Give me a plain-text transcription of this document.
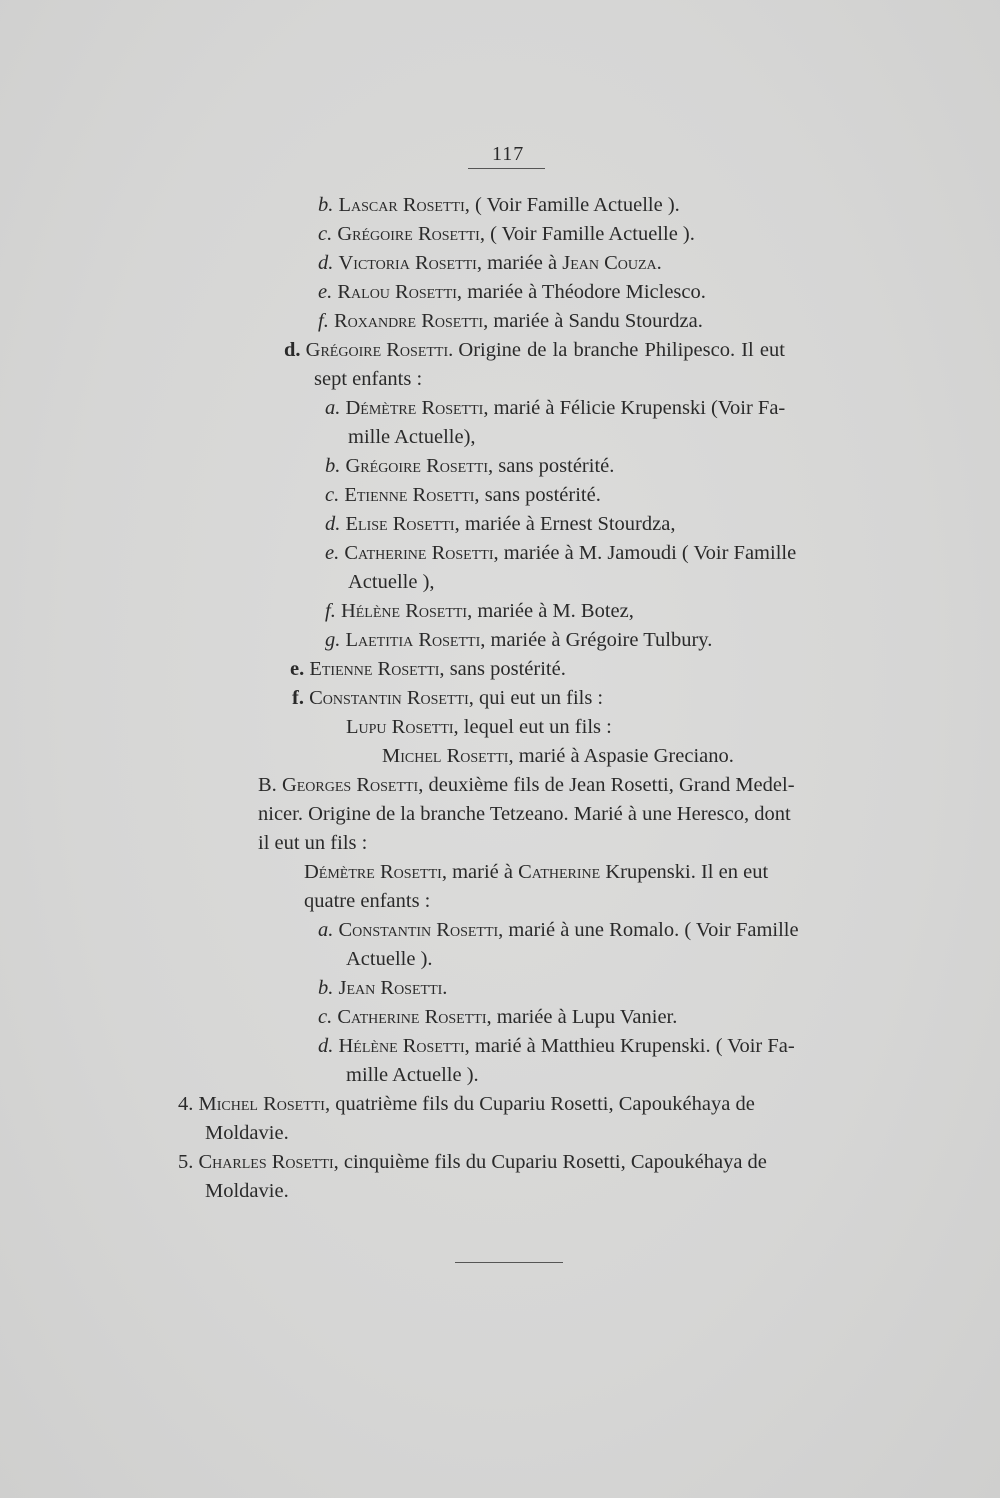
117
b. Lascar Rosetti, ( Voir Famille Actuelle ).
c. Grégoire Rosetti, ( Voir Famille Actuelle ).
d. Victoria Rosetti, mariée à Jean Couza.
e. Ralou Rosetti, mariée à Théodore Miclesco.
f. Roxandre Rosetti, mariée à Sandu Stourdza.
d. Grégoire Rosetti. Origine de la branche Philipesco. Il eut
sept enfants :
a. Démètre Rosetti, marié à Félicie Krupenski (Voir Fa-
mille Actuelle),
b. Grégoire Rosetti, sans postérité.
c. Etienne Rosetti, sans postérité.
d. Elise Rosetti, mariée à Ernest Stourdza,
e. Catherine Rosetti, mariée à M. Jamoudi ( Voir Famille
Actuelle ),
f. Hélène Rosetti, mariée à M. Botez,
g. Laetitia Rosetti, mariée à Grégoire Tulbury.
e. Etienne Rosetti, sans postérité.
f. Constantin Rosetti, qui eut un fils :
Lupu Rosetti, lequel eut un fils :
Michel Rosetti, marié à Aspasie Greciano.
B. Georges Rosetti, deuxième fils de Jean Rosetti, Grand Medel-
nicer. Origine de la branche Tetzeano. Marié à une Heresco, dont
il eut un fils :
Démètre Rosetti, marié à Catherine Krupenski. Il en eut
quatre enfants :
a. Constantin Rosetti, marié à une Romalo. ( Voir Famille
Actuelle ).
b. Jean Rosetti.
c. Catherine Rosetti, mariée à Lupu Vanier.
d. Hélène Rosetti, marié à Matthieu Krupenski. ( Voir Fa-
mille Actuelle ).
4. Michel Rosetti, quatrième fils du Cupariu Rosetti, Capoukéhaya de
Moldavie.
5. Charles Rosetti, cinquième fils du Cupariu Rosetti, Capoukéhaya de
Moldavie.
